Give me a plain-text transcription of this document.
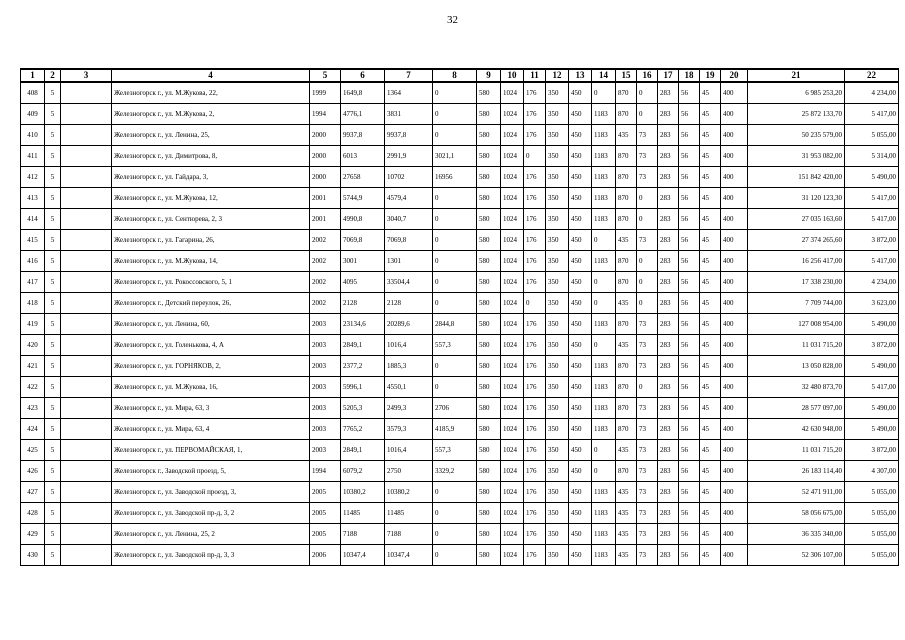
32
1	2	3	4	5	6	7	8	9	10	11	12	13	14	15	16	17	18	19	20	21	22
408	5		Железногорск г., ул. М.Жукова, 22,	1999	1649,8	1364	0	580	1024	176	350	450	0	870	0	283	56	45	400	6 985 253,20	4 234,00
409	5		Железногорск г., ул. М.Жукова, 2,	1994	4776,1	3831	0	580	1024	176	350	450	1183	870	0	283	56	45	400	25 872 133,70	5 417,00
410	5		Железногорск г., ул. Ленина, 25,	2000	9937,8	9937,8	0	580	1024	176	350	450	1183	435	73	283	56	45	400	50 235 579,00	5 055,00
411	5		Железногорск г., ул. Димитрова, 8,	2000	6013	2991,9	3021,1	580	1024	0	350	450	1183	870	73	283	56	45	400	31 953 082,00	5 314,00
412	5		Железногорск г., ул. Гайдара, 3,	2000	27658	10702	16956	580	1024	176	350	450	1183	870	73	283	56	45	400	151 842 420,00	5 490,00
413	5		Железногорск г., ул. М.Жукова, 12,	2001	5744,9	4579,4	0	580	1024	176	350	450	1183	870	0	283	56	45	400	31 120 123,30	5 417,00
414	5		Железногорск г., ул. Сентюрева, 2, 3	2001	4990,8	3040,7	0	580	1024	176	350	450	1183	870	0	283	56	45	400	27 035 163,60	5 417,00
415	5		Железногорск г., ул. Гагарина, 26,	2002	7069,8	7069,8	0	580	1024	176	350	450	0	435	73	283	56	45	400	27 374 265,60	3 872,00
416	5		Железногорск г., ул. М.Жукова, 14,	2002	3001	1301	0	580	1024	176	350	450	1183	870	0	283	56	45	400	16 256 417,00	5 417,00
417	5		Железногорск г., ул. Рокоссовского, 5, 1	2002	4095	33504,4	0	580	1024	176	350	450	0	870	0	283	56	45	400	17 338 230,00	4 234,00
418	5		Железногорск г., Детский переулок, 26,	2002	2128	2128	0	580	1024	0	350	450	0	435	0	283	56	45	400	7 709 744,00	3 623,00
419	5		Железногорск г., ул. Ленина, 60,	2003	23134,6	20289,6	2844,8	580	1024	176	350	450	1183	870	73	283	56	45	400	127 008 954,00	5 490,00
420	5		Железногорск г., ул. Голенькова, 4, А	2003	2849,1	1016,4	557,3	580	1024	176	350	450	0	435	73	283	56	45	400	11 031 715,20	3 872,00
421	5		Железногорск г., ул. ГОРНЯКОВ, 2,	2003	2377,2	1885,3	0	580	1024	176	350	450	1183	870	73	283	56	45	400	13 050 828,00	5 490,00
422	5		Железногорск г., ул. М.Жукова, 16,	2003	5996,1	4550,1	0	580	1024	176	350	450	1183	870	0	283	56	45	400	32 480 873,70	5 417,00
423	5		Железногорск г., ул. Мира, 63, 3	2003	5205,3	2499,3	2706	580	1024	176	350	450	1183	870	73	283	56	45	400	28 577 097,00	5 490,00
424	5		Железногорск г., ул. Мира, 63, 4	2003	7765,2	3579,3	4185,9	580	1024	176	350	450	1183	870	73	283	56	45	400	42 630 948,00	5 490,00
425	5		Железногорск г., ул. ПЕРВОМАЙСКАЯ, 1,	2003	2849,1	1016,4	557,3	580	1024	176	350	450	0	435	73	283	56	45	400	11 031 715,20	3 872,00
426	5		Железногорск г., Заводской проезд, 5,	1994	6079,2	2750	3329,2	580	1024	176	350	450	0	870	73	283	56	45	400	26 183 114,40	4 307,00
427	5		Железногорск г., ул. Заводской проезд, 3,	2005	10380,2	10380,2	0	580	1024	176	350	450	1183	435	73	283	56	45	400	52 471 911,00	5 055,00
428	5		Железногорск г., ул. Заводской пр-д, 3, 2	2005	11485	11485	0	580	1024	176	350	450	1183	435	73	283	56	45	400	58 056 675,00	5 055,00
429	5		Железногорск г., ул. Ленина, 25, 2	2005	7188	7188	0	580	1024	176	350	450	1183	435	73	283	56	45	400	36 335 340,00	5 055,00
430	5		Железногорск г., ул. Заводской пр-д, 3, 3	2006	10347,4	10347,4	0	580	1024	176	350	450	1183	435	73	283	56	45	400	52 306 107,00	5 055,00
